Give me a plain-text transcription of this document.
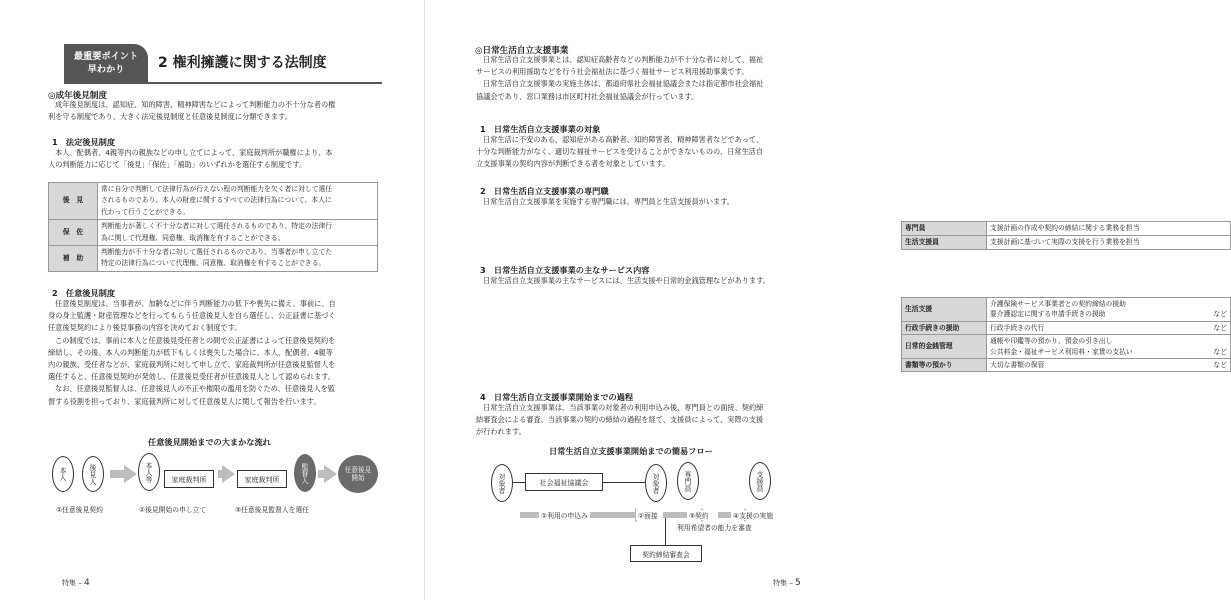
最重要ポイント
早わかり 2 権利擁護に関する法制度

◎成年後見制度

成年後見制度は、認知症、知的障害、精神障害などによって判断能力の不十分な者の権

利を守る制度であり、大きく法定後見制度と任意後見制度に分類できます。

1　法定後見制度

本人、配偶者、4親等内の親族などの申し立てによって、家庭裁判所が職権により、本

人の判断能力に応じて「後見」「保佐」「補助」のいずれかを選任する制度です。

後　見	常に自分で判断して法律行為が行えない程の判断能力を欠く者に対して選任
されるものであり、本人の財産に関するすべての法律行為について、本人に
代わって行うことができる。

保　佐	判断能力が著しく不十分な者に対して選任されるものであり、特定の法律行
為に関して代理権、同意権、取消権を有することができる。

補　助	判断能力が不十分な者に対して選任されるものであり、当事者が申し立てた
特定の法律行為について代理権、同意権、取消権を有することができる。

2　任意後見制度

任意後見制度は、当事者が、加齢などに伴う判断能力の低下や喪失に備え、事前に、自

身の身上監護・財産管理などを行ってもらう任意後見人を自ら選任し、公正証書に基づく

任意後見契約により後見事務の内容を決めておく制度です。

この制度では、事前に本人と任意後見受任者との間で公正証書によって任意後見契約を

締結し、その後、本人の判断能力が低下もしくは喪失した場合に、本人、配偶者、4親等

内の親族、受任者などが、家庭裁判所に対して申し立て、家庭裁判所が任意後見監督人を

選任すると、任意後見契約が発効し、任意後見受任者が任意後見人として認められます。

なお、任意後見監督人は、任意後見人の不正や権限の濫用を防ぐため、任意後見人を監

督する役割を担っており、家庭裁判所に対して任意後見人に関して報告を行います。

任意後見開始までの大まかな流れ

本人	後見人	本人等	家庭裁判所	家庭裁判所	監督人	任意後見開始
①任意後見契約	②後見開始の申し立て	③任意後見監督人を選任
特集 – 4

◎日常生活自立支援事業

日常生活自立支援事業とは、認知症高齢者などの判断能力が不十分な者に対して、福祉

サービスの利用援助などを行う社会福祉法に基づく福祉サービス利用援助事業です。

日常生活自立支援事業の実施主体は、都道府県社会福祉協議会または指定都市社会福祉

協議会であり、窓口業務は市区町村社会福祉協議会が行っています。

1　日常生活自立支援事業の対象

日常生活に不安のある、認知症がある高齢者、知的障害者、精神障害者などであって、

十分な判断能力がなく、適切な福祉サービスを受けることができないものの、日常生活自

立支援事業の契約内容が判断できる者を対象としています。

2　日常生活自立支援事業の専門職

日常生活自立支援事業を実施する専門職には、専門員と生活支援員がいます。

専門員	支援計画の作成や契約の締結に関する業務を担当
生活支援員	支援計画に基づいて実際の支援を行う業務を担当

3　日常生活自立支援事業の主なサービス内容

日常生活自立支援事業の主なサービスには、生活支援や日常的金銭管理などがあります。

生活支援	介護保険サービス事業者との契約締結の援助
要介護認定に関する申請手続きの援助	など

行政手続きの援助	行政手続きの代行	など

日常的金銭管理	通帳や印鑑等の預かり、預金の引き出し
公共料金・福祉サービス利用料・家賃の支払い	など

書類等の預かり	大切な書類の保管	など

4　日常生活自立支援事業開始までの過程

日常生活自立支援事業は、当該事業の対象者の利用申込み後、専門員との面接、契約締

結審査会による審査、当該事業の契約の締結の過程を経て、支援員によって、実際の支援

が行われます。

日常生活自立支援事業開始までの簡易フロー

対象者	社会福祉協議会	対象者	専門員	支援員
①利用の申込み	②面接	③契約	④支援の実施
利用希望者の能力を審査
契約締結審査会
特集 – 5
